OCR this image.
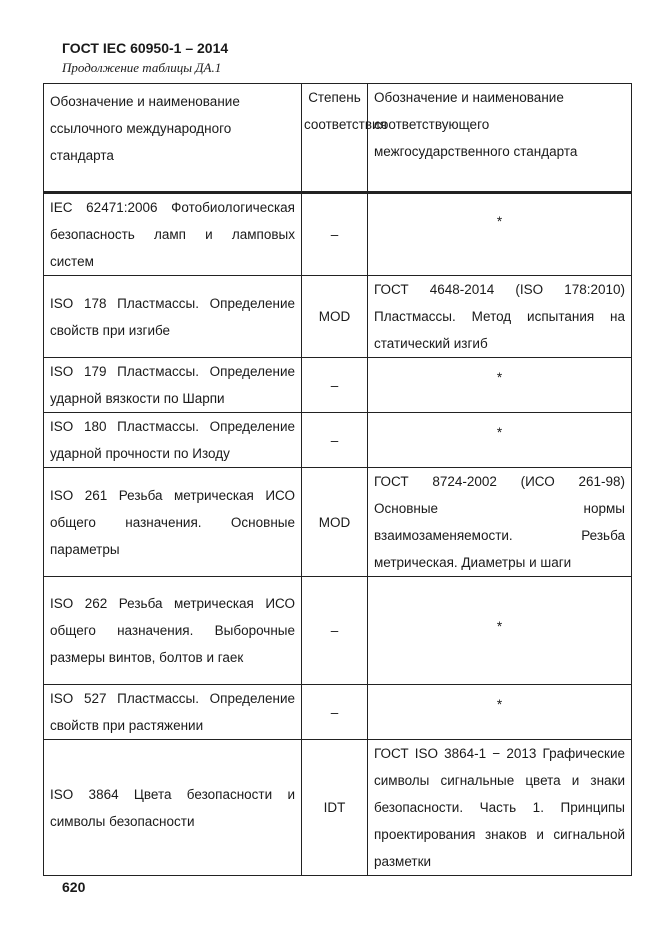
ГОСТ IEC 60950-1 – 2014
Продолжение таблицы ДА.1
Обозначение и наименование ссылочного международного стандарта	Степень соответствия	Обозначение и наименование соответствующего межгосударственного стандарта
IEC 62471:2006 Фотобиологическая безопасность ламп и ламповых систем	–	*
ISO 178 Пластмассы. Определение свойств при изгибе	MOD	ГОСТ 4648-2014 (ISO 178:2010) Пластмассы. Метод испытания на статический изгиб
ISO 179 Пластмассы. Определение ударной вязкости по Шарпи	–	*
ISO 180 Пластмассы. Определение ударной прочности по Изоду	–	*
ISO 261 Резьба метрическая ИСО общего назначения. Основные параметры	MOD	ГОСТ 8724-2002 (ИСО 261-98) Основные нормы взаимозаменяемости. Резьба метрическая. Диаметры и шаги
ISO 262 Резьба метрическая ИСО общего назначения. Выборочные размеры винтов, болтов и гаек	–	*
ISO 527 Пластмассы. Определение свойств при растяжении	–	*
ISO 3864 Цвета безопасности и символы безопасности	IDT	ГОСТ ISO 3864-1 − 2013 Графические символы сигнальные цвета и знаки безопасности. Часть 1. Принципы проектирования знаков и сигнальной разметки
620
